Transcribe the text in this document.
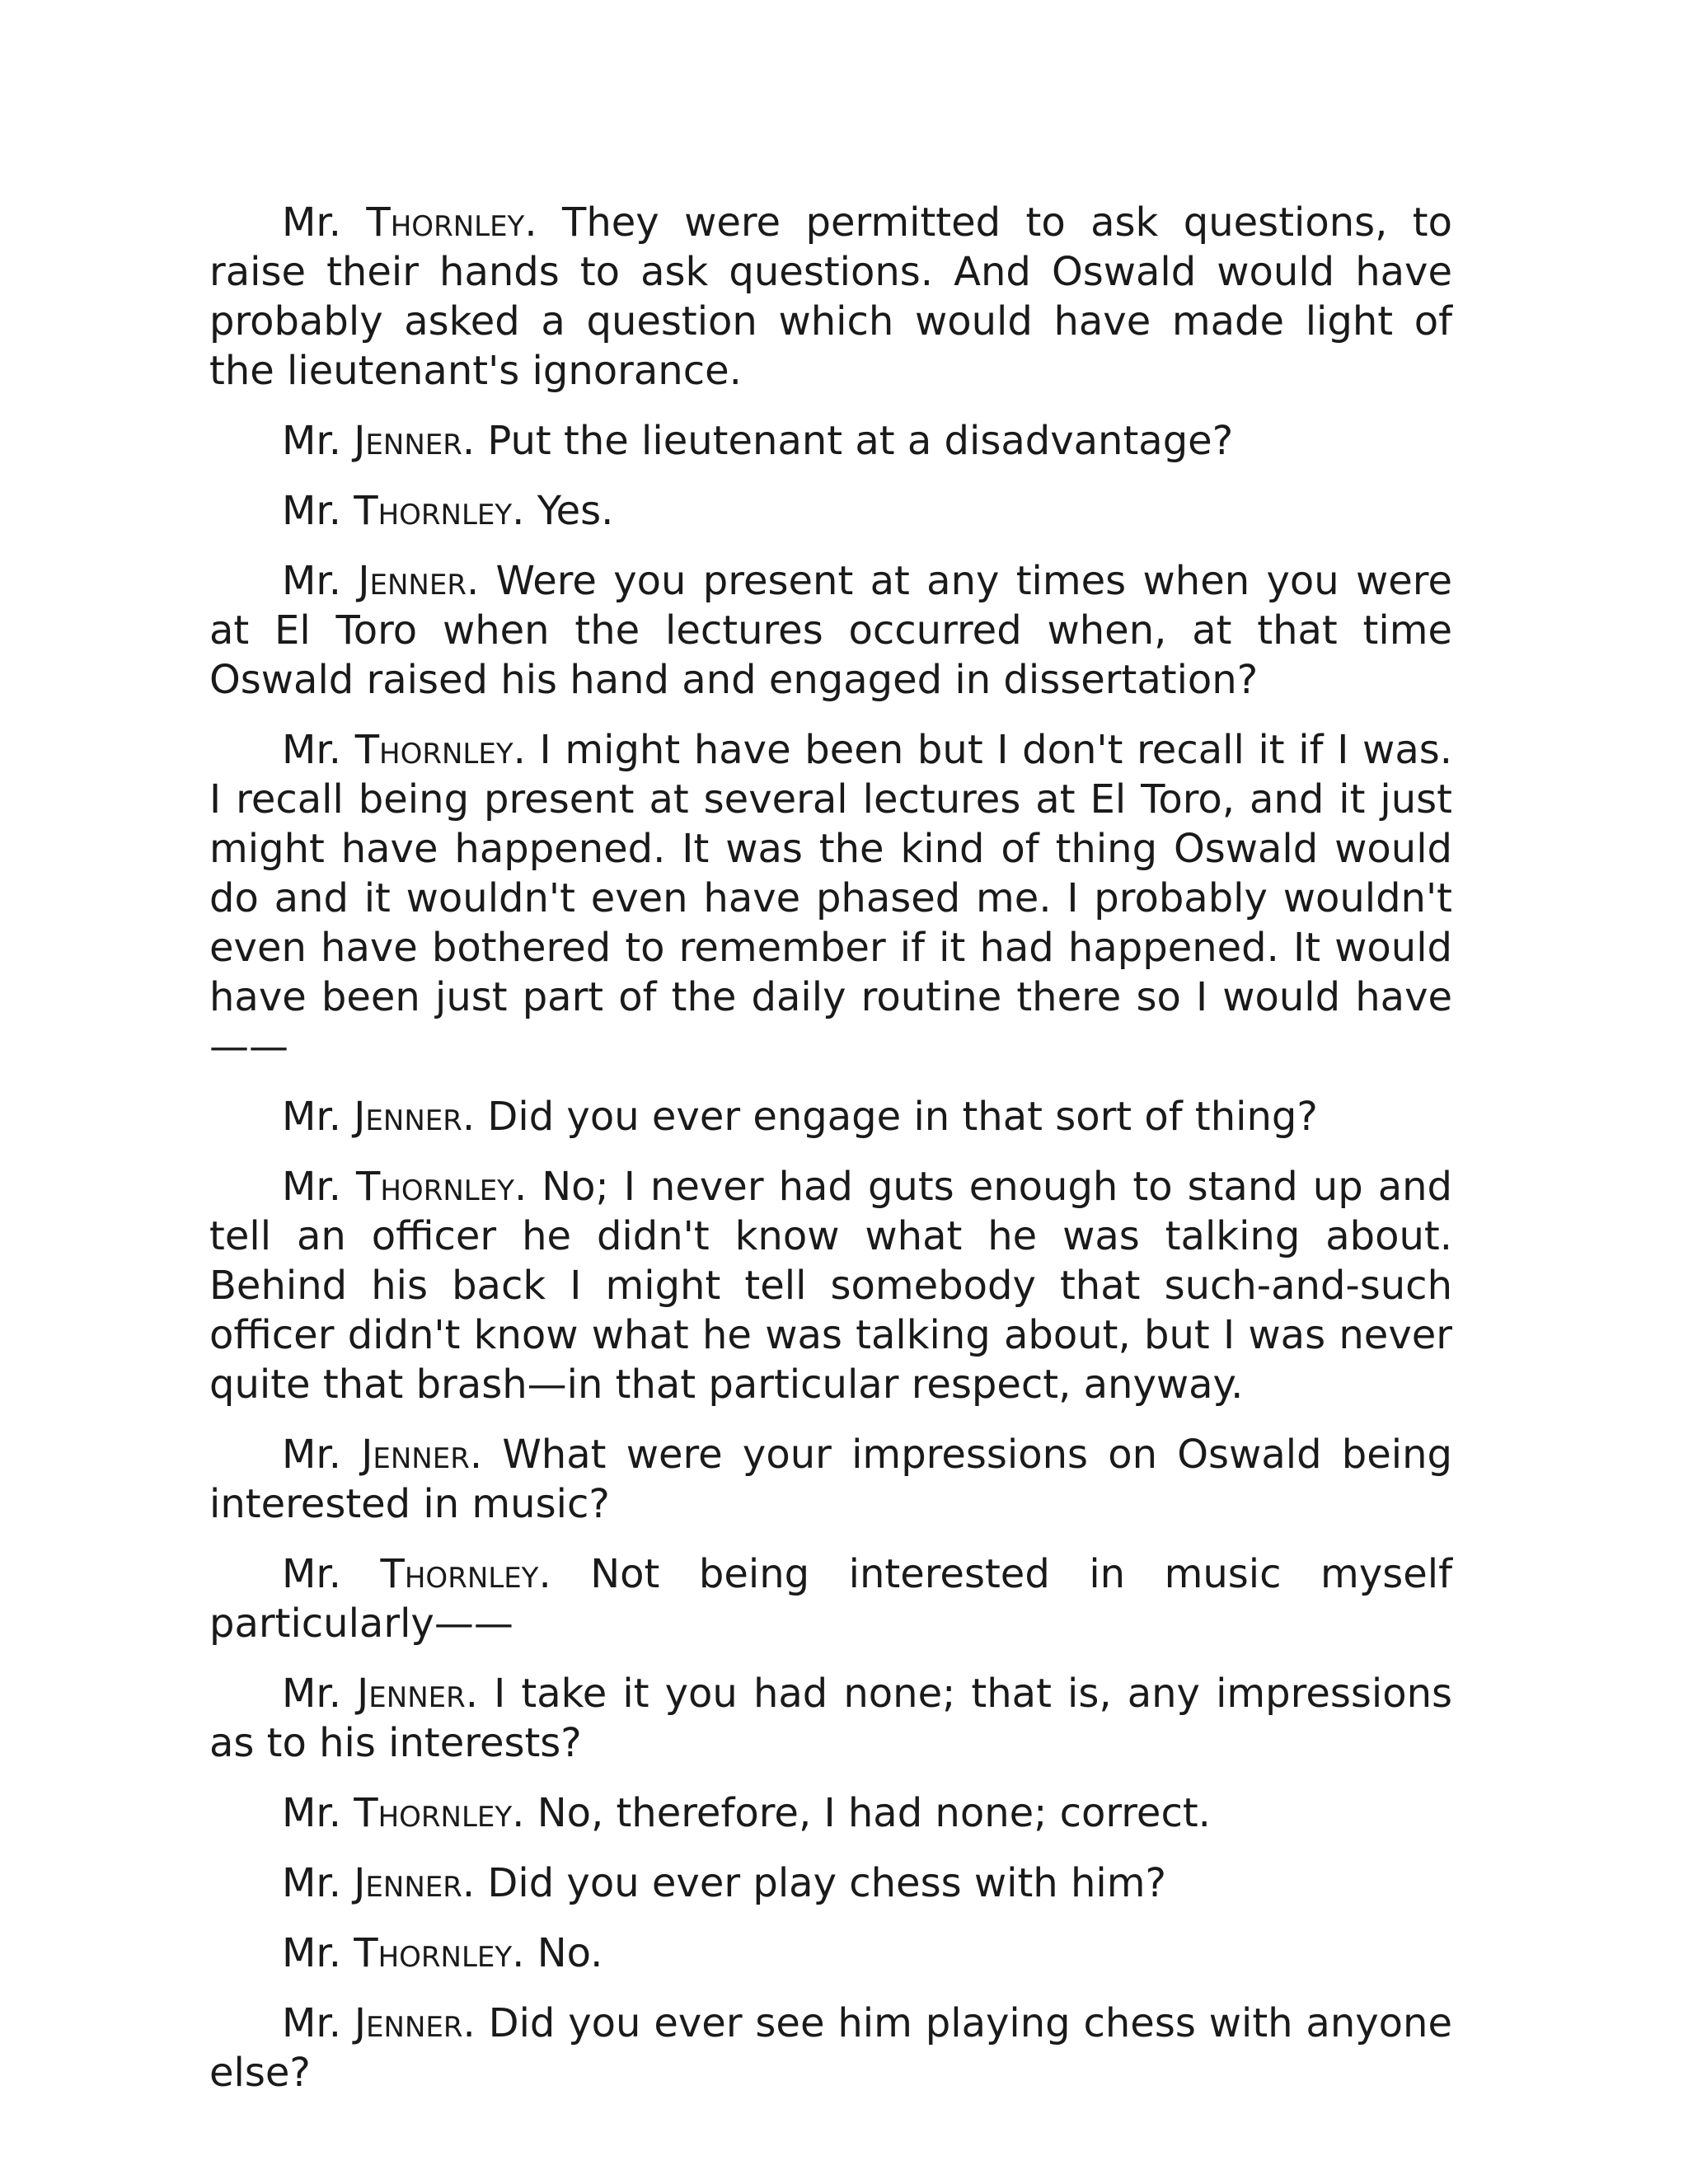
Mr. Thornley. They were permitted to ask questions, to raise their hands to ask questions. And Oswald would have probably asked a question which would have made light of the lieutenant's ignorance.

Mr. Jenner. Put the lieutenant at a disadvantage?

Mr. Thornley. Yes.

Mr. Jenner. Were you present at any times when you were at El Toro when the lectures occurred when, at that time Oswald raised his hand and engaged in dissertation?

Mr. Thornley. I might have been but I don't recall it if I was. I recall being present at several lectures at El Toro, and it just might have happened. It was the kind of thing Oswald would do and it wouldn't even have phased me. I probably wouldn't even have bothered to remember if it had happened. It would have been just part of the daily routine there so I would have——

Mr. Jenner. Did you ever engage in that sort of thing?

Mr. Thornley. No; I never had guts enough to stand up and tell an officer he didn't know what he was talking about. Behind his back I might tell somebody that such-and-such officer didn't know what he was talking about, but I was never quite that brash—in that particular respect, anyway.

Mr. Jenner. What were your impressions on Oswald being interested in music?

Mr. Thornley. Not being interested in music myself particularly——

Mr. Jenner. I take it you had none; that is, any impressions as to his interests?

Mr. Thornley. No, therefore, I had none; correct.

Mr. Jenner. Did you ever play chess with him?

Mr. Thornley. No.

Mr. Jenner. Did you ever see him playing chess with anyone else?
